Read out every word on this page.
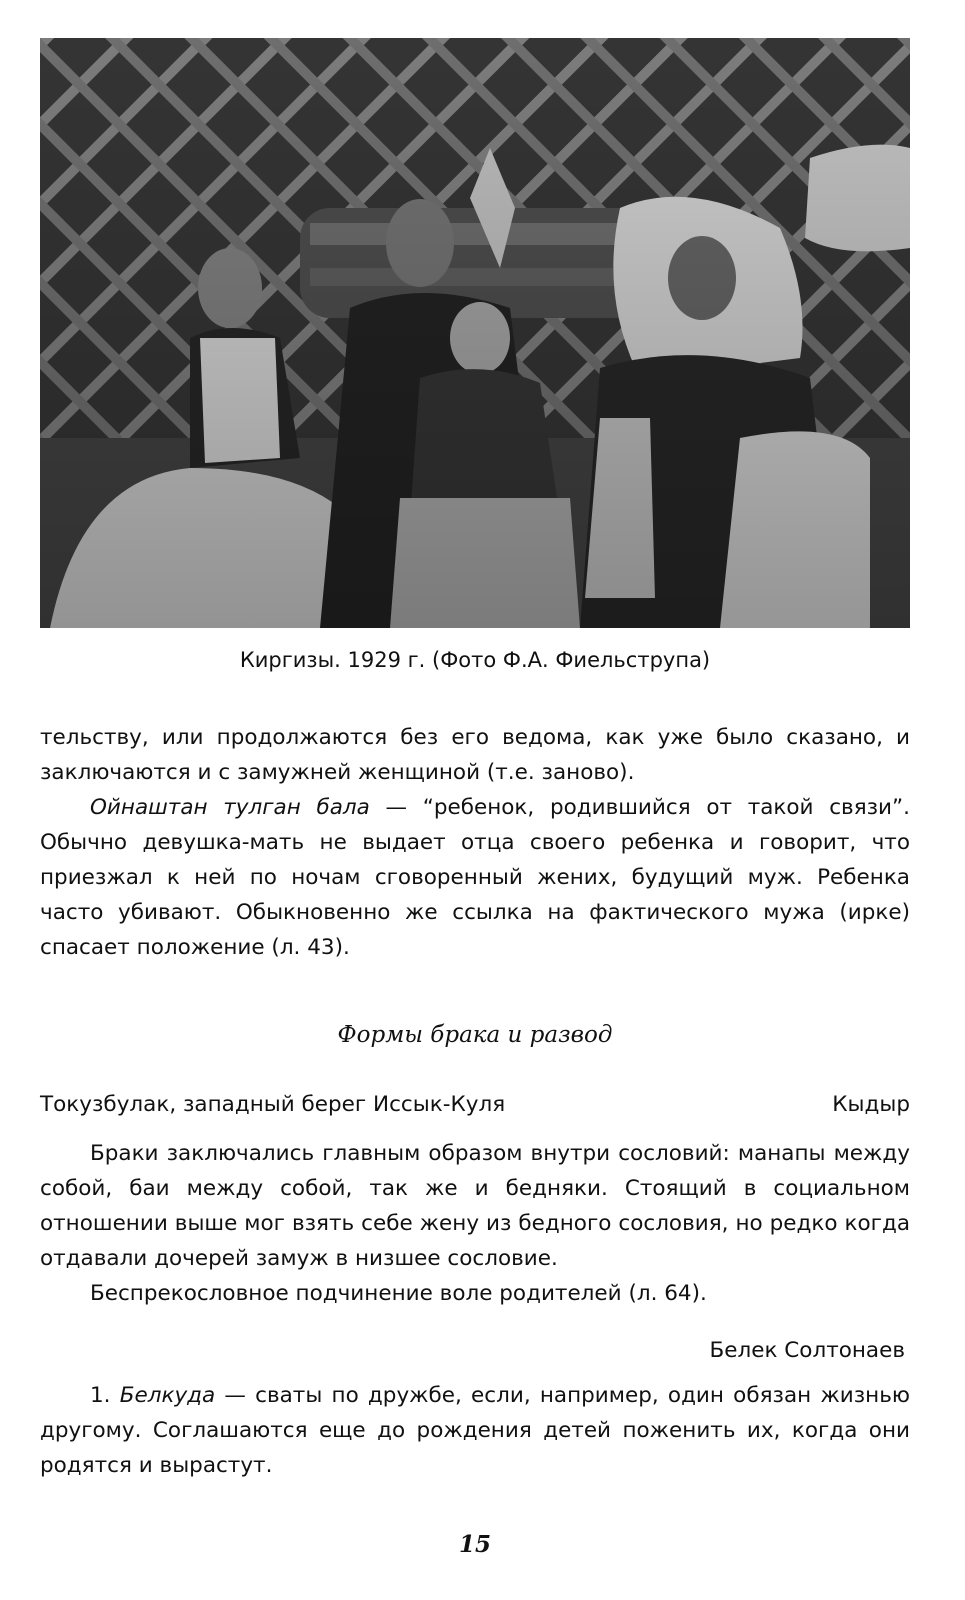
Киргизы. 1929 г. (Фото Ф.А. Фиельструпа)

тельству, или продолжаются без его ведома, как уже было сказано, и заключаются и с замужней женщиной (т.е. заново).

Ойнаштан тулган бала — “ребенок, родившийся от такой связи”. Обычно девушка-мать не выдает отца своего ребенка и говорит, что приезжал к ней по ночам сговоренный жених, будущий муж. Ребенка часто убивают. Обыкновенно же ссылка на фактического мужа (ирке) спасает положение (л. 43).

Формы брака и развод
Токузбулак, западный берег Иссык-Куля	Кыдыр

Браки заключались главным образом внутри сословий: манапы между собой, баи между собой, так же и бедняки. Стоящий в социальном отношении выше мог взять себе жену из бедного сословия, но редко когда отдавали дочерей замуж в низшее сословие.

Беспрекословное подчинение воле родителей (л. 64).

Белек Солтонаев

1. Белкуда — сваты по дружбе, если, например, один обязан жизнью другому. Соглашаются еще до рождения детей поженить их, когда они родятся и вырастут.

15
